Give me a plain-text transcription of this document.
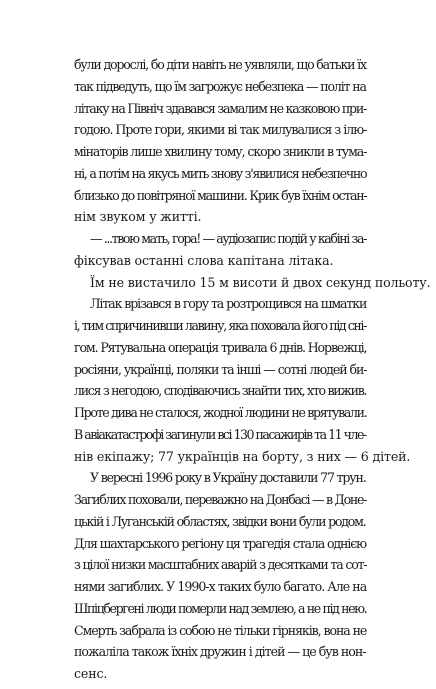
були дорослі, бо діти навіть не уявляли, що батьки їх
так підведуть, що їм загрожує небезпека — політ на
літаку на Північ здавався замалим не казковою при-
годою. Проте гори, якими ві так милувалися з ілю-
мінаторів лише хвилину тому, скоро зникли в тума-
ні, а потім на якусь мить знову з'явилися небезпечно
близько до повітряної машини. Крик був їхнім остан-
нім звуком у житті.
— ...твою мать, гора! — аудіозапис подій у кабіні за-
фіксував останні слова капітана літака.
Їм не вистачило 15 м висоти й двох секунд польоту.
Літак врізався в гору та розтрощився на шматки
і, тим спричинивши лавину, яка поховала його під сні-
гом. Рятувальна операція тривала 6 днів. Норвежці,
росіяни, українці, поляки та інші — сотні людей би-
лися з негодою, сподіваючись знайти тих, хто вижив.
Проте дива не сталося, жодної людини не врятували.
В авіакатастрофі загинули всі 130 пасажирів та 11 чле-
нів екіпажу; 77 українців на борту, з них — 6 дітей.
У вересні 1996 року в Україну доставили 77 трун.
Загиблих поховали, переважно на Донбасі — в Доне-
цькій і Луганській областях, звідки вони були родом.
Для шахтарського регіону ця трагедія стала однією
з цілої низки масштабних аварій з десятками та сот-
нями загиблих. У 1990-х таких було багато. Але на
Шпіцбергені люди померли над землею, а не під нею.
Смерть забрала із собою не тільки гірняків, вона не
пожаліла також їхніх дружин і дітей — це був нон-
сенс.
